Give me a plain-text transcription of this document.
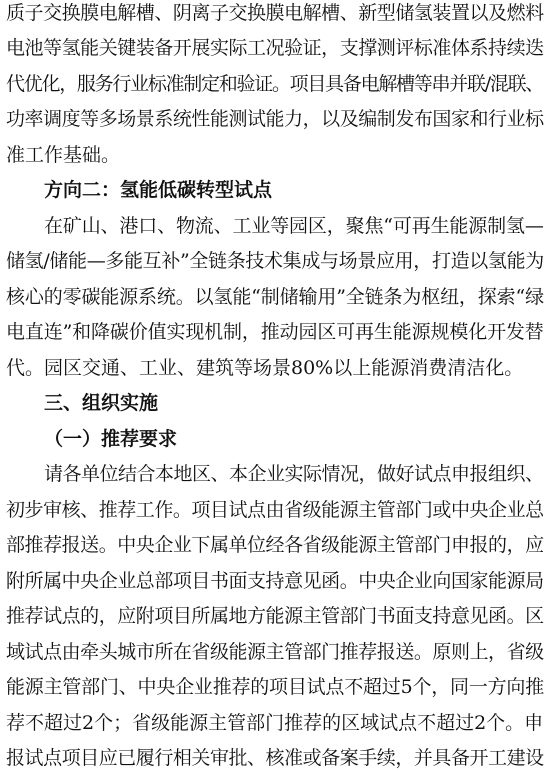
质子交换膜电解槽、阴离子交换膜电解槽、新型储氢装置以及燃料
电池等氢能关键装备开展实际工况验证，支撑测评标准体系持续迭
代优化，服务行业标准制定和验证。项目具备电解槽等串并联/混联、
功率调度等多场景系统性能测试能力，以及编制发布国家和行业标
准工作基础。
方向二：氢能低碳转型试点
在矿山、港口、物流、工业等园区，聚焦“可再生能源制氢—
储氢/储能—多能互补”全链条技术集成与场景应用，打造以氢能为
核心的零碳能源系统。以氢能“制储输用”全链条为枢纽，探索“绿
电直连”和降碳价值实现机制，推动园区可再生能源规模化开发替
代。园区交通、工业、建筑等场景80%以上能源消费清洁化。
三、组织实施
（一）推荐要求
请各单位结合本地区、本企业实际情况，做好试点申报组织、
初步审核、推荐工作。项目试点由省级能源主管部门或中央企业总
部推荐报送。中央企业下属单位经各省级能源主管部门申报的，应
附所属中央企业总部项目书面支持意见函。中央企业向国家能源局
推荐试点的，应附项目所属地方能源主管部门书面支持意见函。区
域试点由牵头城市所在省级能源主管部门推荐报送。原则上，省级
能源主管部门、中央企业推荐的项目试点不超过5个，同一方向推
荐不超过2个；省级能源主管部门推荐的区域试点不超过2个。申
报试点项目应已履行相关审批、核准或备案手续，并具备开工建设
